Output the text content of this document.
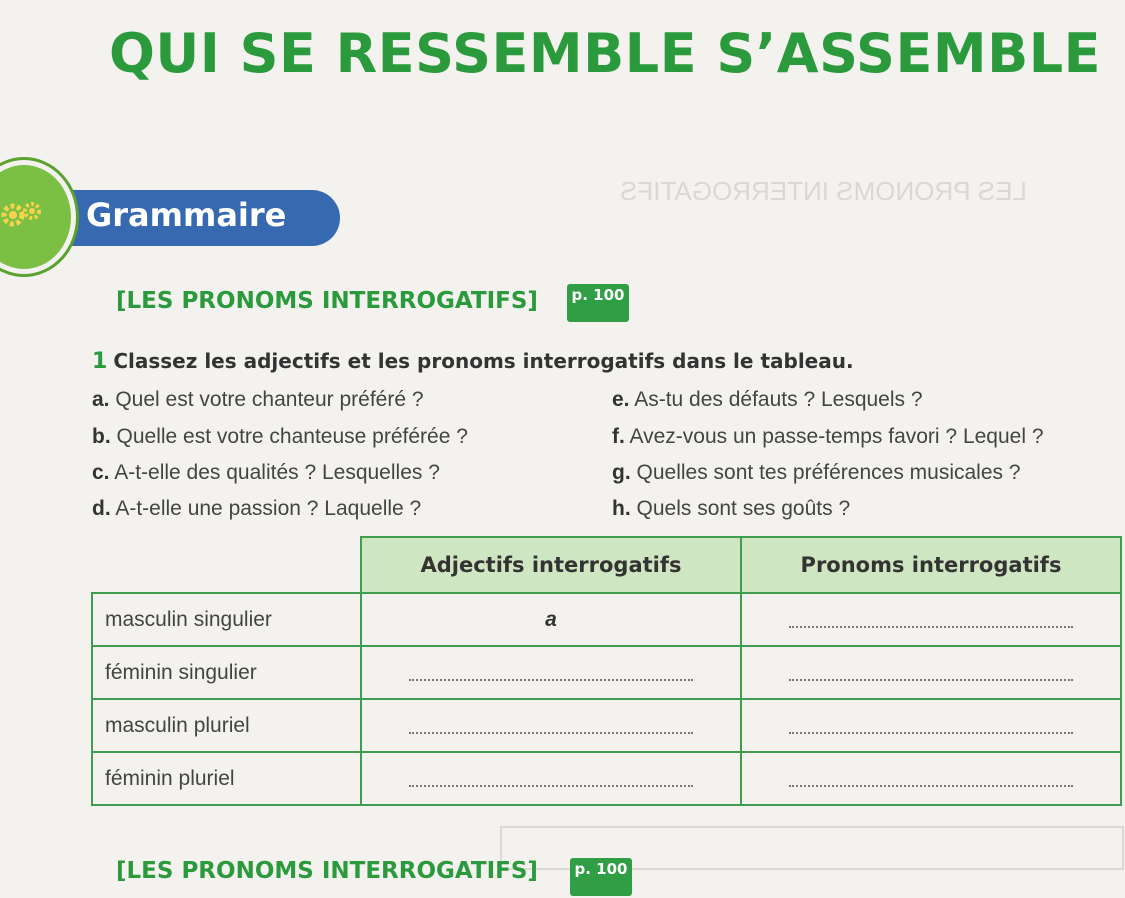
LES PRONOMS INTERROGATIFS
QUI SE RESSEMBLE S’ASSEMBLE
Grammaire
[LES PRONOMS INTERROGATIFS]	p. 100
1 Classez les adjectifs et les pronoms interrogatifs dans le tableau.
a. Quel est votre chanteur préféré ?
b. Quelle est votre chanteuse préférée ?
c. A-t-elle des qualités ? Lesquelles ?
d. A-t-elle une passion ? Laquelle ?
e. As-tu des défauts ? Lesquels ?
f. Avez-vous un passe-temps favori ? Lequel ?
g. Quelles sont tes préférences musicales ?
h. Quels sont ses goûts ?
	Adjectifs interrogatifs	Pronoms interrogatifs
masculin singulier	a	
féminin singulier		
masculin pluriel		
féminin pluriel		
[LES PRONOMS INTERROGATIFS]	p. 100
